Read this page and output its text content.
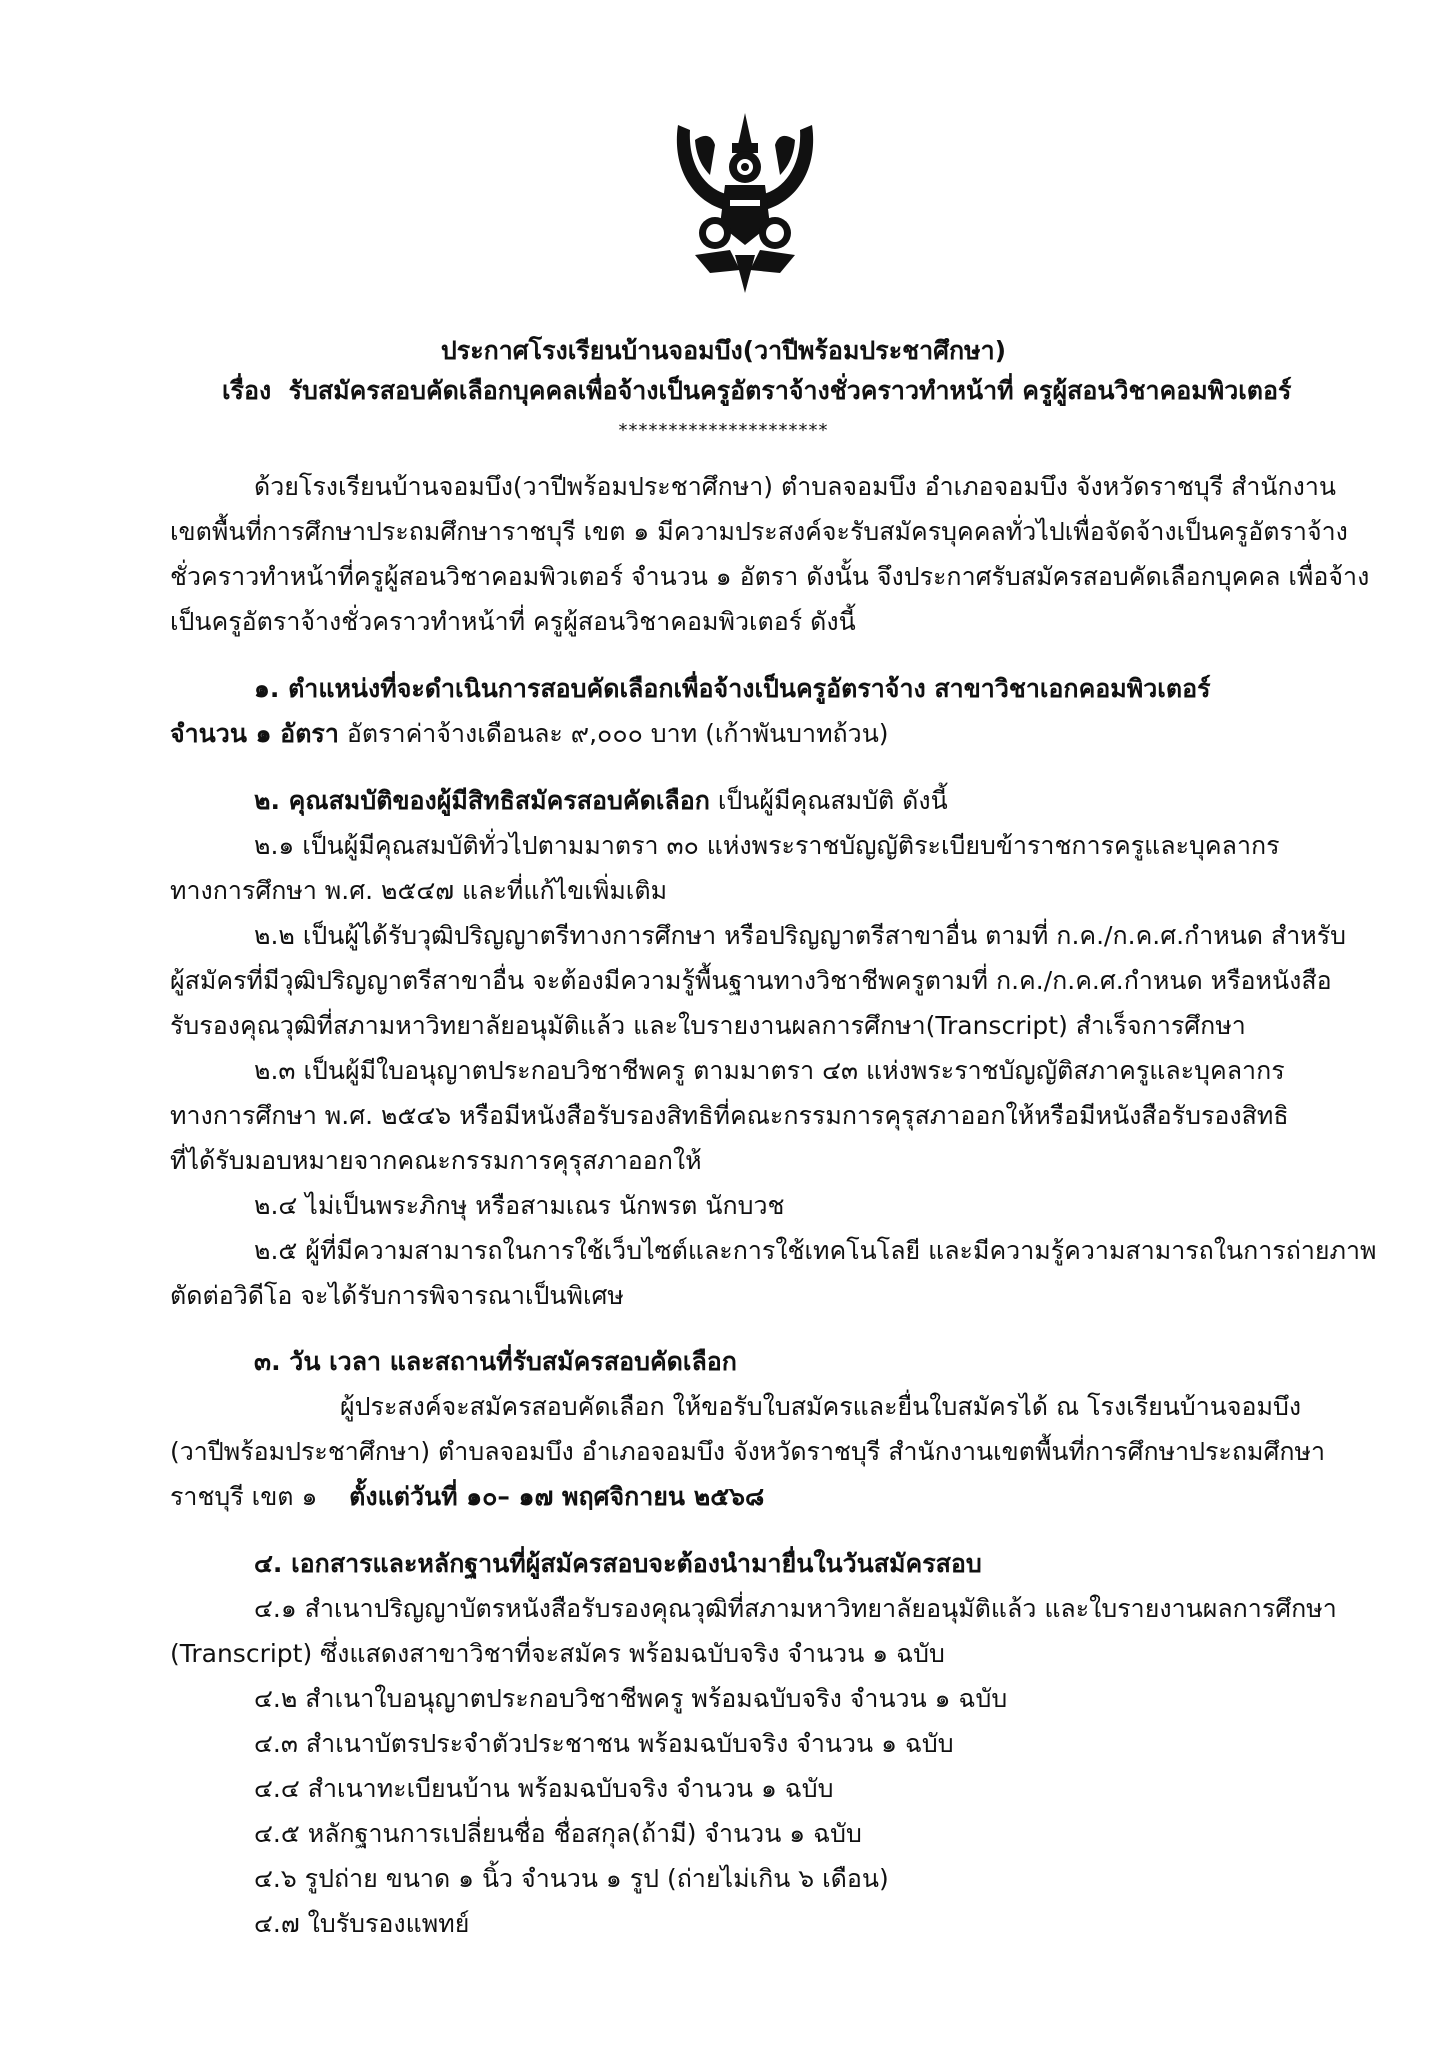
ประกาศโรงเรียนบ้านจอมบึง(วาปีพร้อมประชาศึกษา)
เรื่อง รับสมัครสอบคัดเลือกบุคคลเพื่อจ้างเป็นครูอัตราจ้างชั่วคราวทำหน้าที่ ครูผู้สอนวิชาคอมพิวเตอร์
*********************
ด้วยโรงเรียนบ้านจอมบึง(วาปีพร้อมประชาศึกษา) ตำบลจอมบึง อำเภอจอมบึง จังหวัดราชบุรี สำนักงาน
เขตพื้นที่การศึกษาประถมศึกษาราชบุรี เขต ๑ มีความประสงค์จะรับสมัครบุคคลทั่วไปเพื่อจัดจ้างเป็นครูอัตราจ้าง
ชั่วคราวทำหน้าที่ครูผู้สอนวิชาคอมพิวเตอร์ จำนวน ๑ อัตรา ดังนั้น จึงประกาศรับสมัครสอบคัดเลือกบุคคล เพื่อจ้าง
เป็นครูอัตราจ้างชั่วคราวทำหน้าที่ ครูผู้สอนวิชาคอมพิวเตอร์ ดังนี้
๑. ตำแหน่งที่จะดำเนินการสอบคัดเลือกเพื่อจ้างเป็นครูอัตราจ้าง สาขาวิชาเอกคอมพิวเตอร์
จำนวน ๑ อัตรา อัตราค่าจ้างเดือนละ ๙,๐๐๐ บาท (เก้าพันบาทถ้วน)
๒. คุณสมบัติของผู้มีสิทธิสมัครสอบคัดเลือก เป็นผู้มีคุณสมบัติ ดังนี้
๒.๑ เป็นผู้มีคุณสมบัติทั่วไปตามมาตรา ๓๐ แห่งพระราชบัญญัติระเบียบข้าราชการครูและบุคลากร
ทางการศึกษา พ.ศ. ๒๕๔๗ และที่แก้ไขเพิ่มเติม
๒.๒ เป็นผู้ได้รับวุฒิปริญญาตรีทางการศึกษา หรือปริญญาตรีสาขาอื่น ตามที่ ก.ค./ก.ค.ศ.กำหนด สำหรับ
ผู้สมัครที่มีวุฒิปริญญาตรีสาขาอื่น จะต้องมีความรู้พื้นฐานทางวิชาชีพครูตามที่ ก.ค./ก.ค.ศ.กำหนด หรือหนังสือ
รับรองคุณวุฒิที่สภามหาวิทยาลัยอนุมัติแล้ว และใบรายงานผลการศึกษา(Transcript) สำเร็จการศึกษา
๒.๓ เป็นผู้มีใบอนุญาตประกอบวิชาชีพครู ตามมาตรา ๔๓ แห่งพระราชบัญญัติสภาครูและบุคลากร
ทางการศึกษา พ.ศ. ๒๕๔๖ หรือมีหนังสือรับรองสิทธิที่คณะกรรมการคุรุสภาออกให้หรือมีหนังสือรับรองสิทธิ
ที่ได้รับมอบหมายจากคณะกรรมการคุรุสภาออกให้
๒.๔ ไม่เป็นพระภิกษุ หรือสามเณร นักพรต นักบวช
๒.๕ ผู้ที่มีความสามารถในการใช้เว็บไซต์และการใช้เทคโนโลยี และมีความรู้ความสามารถในการถ่ายภาพ
ตัดต่อวิดีโอ จะได้รับการพิจารณาเป็นพิเศษ
๓. วัน เวลา และสถานที่รับสมัครสอบคัดเลือก
ผู้ประสงค์จะสมัครสอบคัดเลือก ให้ขอรับใบสมัครและยื่นใบสมัครได้ ณ โรงเรียนบ้านจอมบึง
(วาปีพร้อมประชาศึกษา) ตำบลจอมบึง อำเภอจอมบึง จังหวัดราชบุรี สำนักงานเขตพื้นที่การศึกษาประถมศึกษา
ราชบุรี เขต ๑ ตั้งแต่วันที่ ๑๐– ๑๗ พฤศจิกายน ๒๕๖๘
๔. เอกสารและหลักฐานที่ผู้สมัครสอบจะต้องนำมายื่นในวันสมัครสอบ
๔.๑ สำเนาปริญญาบัตรหนังสือรับรองคุณวุฒิที่สภามหาวิทยาลัยอนุมัติแล้ว และใบรายงานผลการศึกษา
(Transcript) ซึ่งแสดงสาขาวิชาที่จะสมัคร พร้อมฉบับจริง จำนวน ๑ ฉบับ
๔.๒ สำเนาใบอนุญาตประกอบวิชาชีพครู พร้อมฉบับจริง จำนวน ๑ ฉบับ
๔.๓ สำเนาบัตรประจำตัวประชาชน พร้อมฉบับจริง จำนวน ๑ ฉบับ
๔.๔ สำเนาทะเบียนบ้าน พร้อมฉบับจริง จำนวน ๑ ฉบับ
๔.๕ หลักฐานการเปลี่ยนชื่อ ชื่อสกุล(ถ้ามี) จำนวน ๑ ฉบับ
๔.๖ รูปถ่าย ขนาด ๑ นิ้ว จำนวน ๑ รูป (ถ่ายไม่เกิน ๖ เดือน)
๔.๗ ใบรับรองแพทย์
